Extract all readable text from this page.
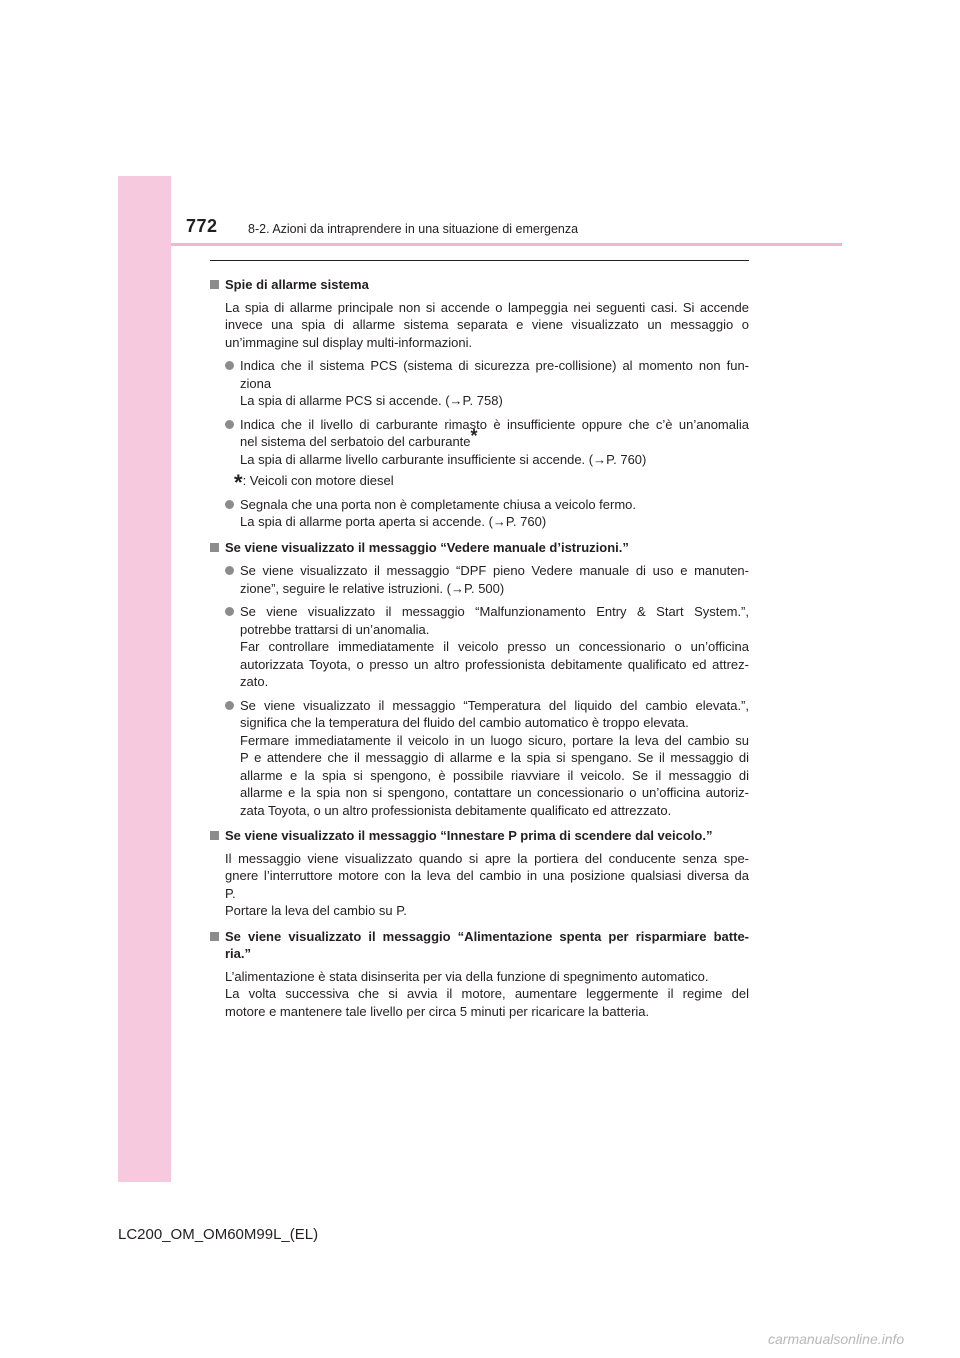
772 8-2. Azioni da intraprendere in una situazione di emergenza
Spie di allarme sistema
La spia di allarme principale non si accende o lampeggia nei seguenti casi. Si accende
invece una spia di allarme sistema separata e viene visualizzato un messaggio o
un’immagine sul display multi-informazioni.
Indica che il sistema PCS (sistema di sicurezza pre-collisione) al momento non fun-
ziona
La spia di allarme PCS si accende. (→P. 758)
Indica che il livello di carburante rimasto è insufficiente oppure che c’è un’anomalia
nel sistema del serbatoio del carburante*
La spia di allarme livello carburante insufficiente si accende. (→P. 760)
*: Veicoli con motore diesel
Segnala che una porta non è completamente chiusa a veicolo fermo.
La spia di allarme porta aperta si accende. (→P. 760)
Se viene visualizzato il messaggio “Vedere manuale d’istruzioni.”
Se viene visualizzato il messaggio “DPF pieno Vedere manuale di uso e manuten-
zione”, seguire le relative istruzioni. (→P. 500)
Se viene visualizzato il messaggio “Malfunzionamento Entry & Start System.”,
potrebbe trattarsi di un’anomalia.
Far controllare immediatamente il veicolo presso un concessionario o un’officina
autorizzata Toyota, o presso un altro professionista debitamente qualificato ed attrez-
zato.
Se viene visualizzato il messaggio “Temperatura del liquido del cambio elevata.”,
significa che la temperatura del fluido del cambio automatico è troppo elevata.
Fermare immediatamente il veicolo in un luogo sicuro, portare la leva del cambio su
P e attendere che il messaggio di allarme e la spia si spengano. Se il messaggio di
allarme e la spia si spengono, è possibile riavviare il veicolo. Se il messaggio di
allarme e la spia non si spengono, contattare un concessionario o un’officina autoriz-
zata Toyota, o un altro professionista debitamente qualificato ed attrezzato.
Se viene visualizzato il messaggio “Innestare P prima di scendere dal veicolo.”
Il messaggio viene visualizzato quando si apre la portiera del conducente senza spe-
gnere l’interruttore motore con la leva del cambio in una posizione qualsiasi diversa da
P.
Portare la leva del cambio su P.
Se viene visualizzato il messaggio “Alimentazione spenta per risparmiare batte-
ria.”
L’alimentazione è stata disinserita per via della funzione di spegnimento automatico.
La volta successiva che si avvia il motore, aumentare leggermente il regime del
motore e mantenere tale livello per circa 5 minuti per ricaricare la batteria.
LC200_OM_OM60M99L_(EL)
carmanualsonline.info
